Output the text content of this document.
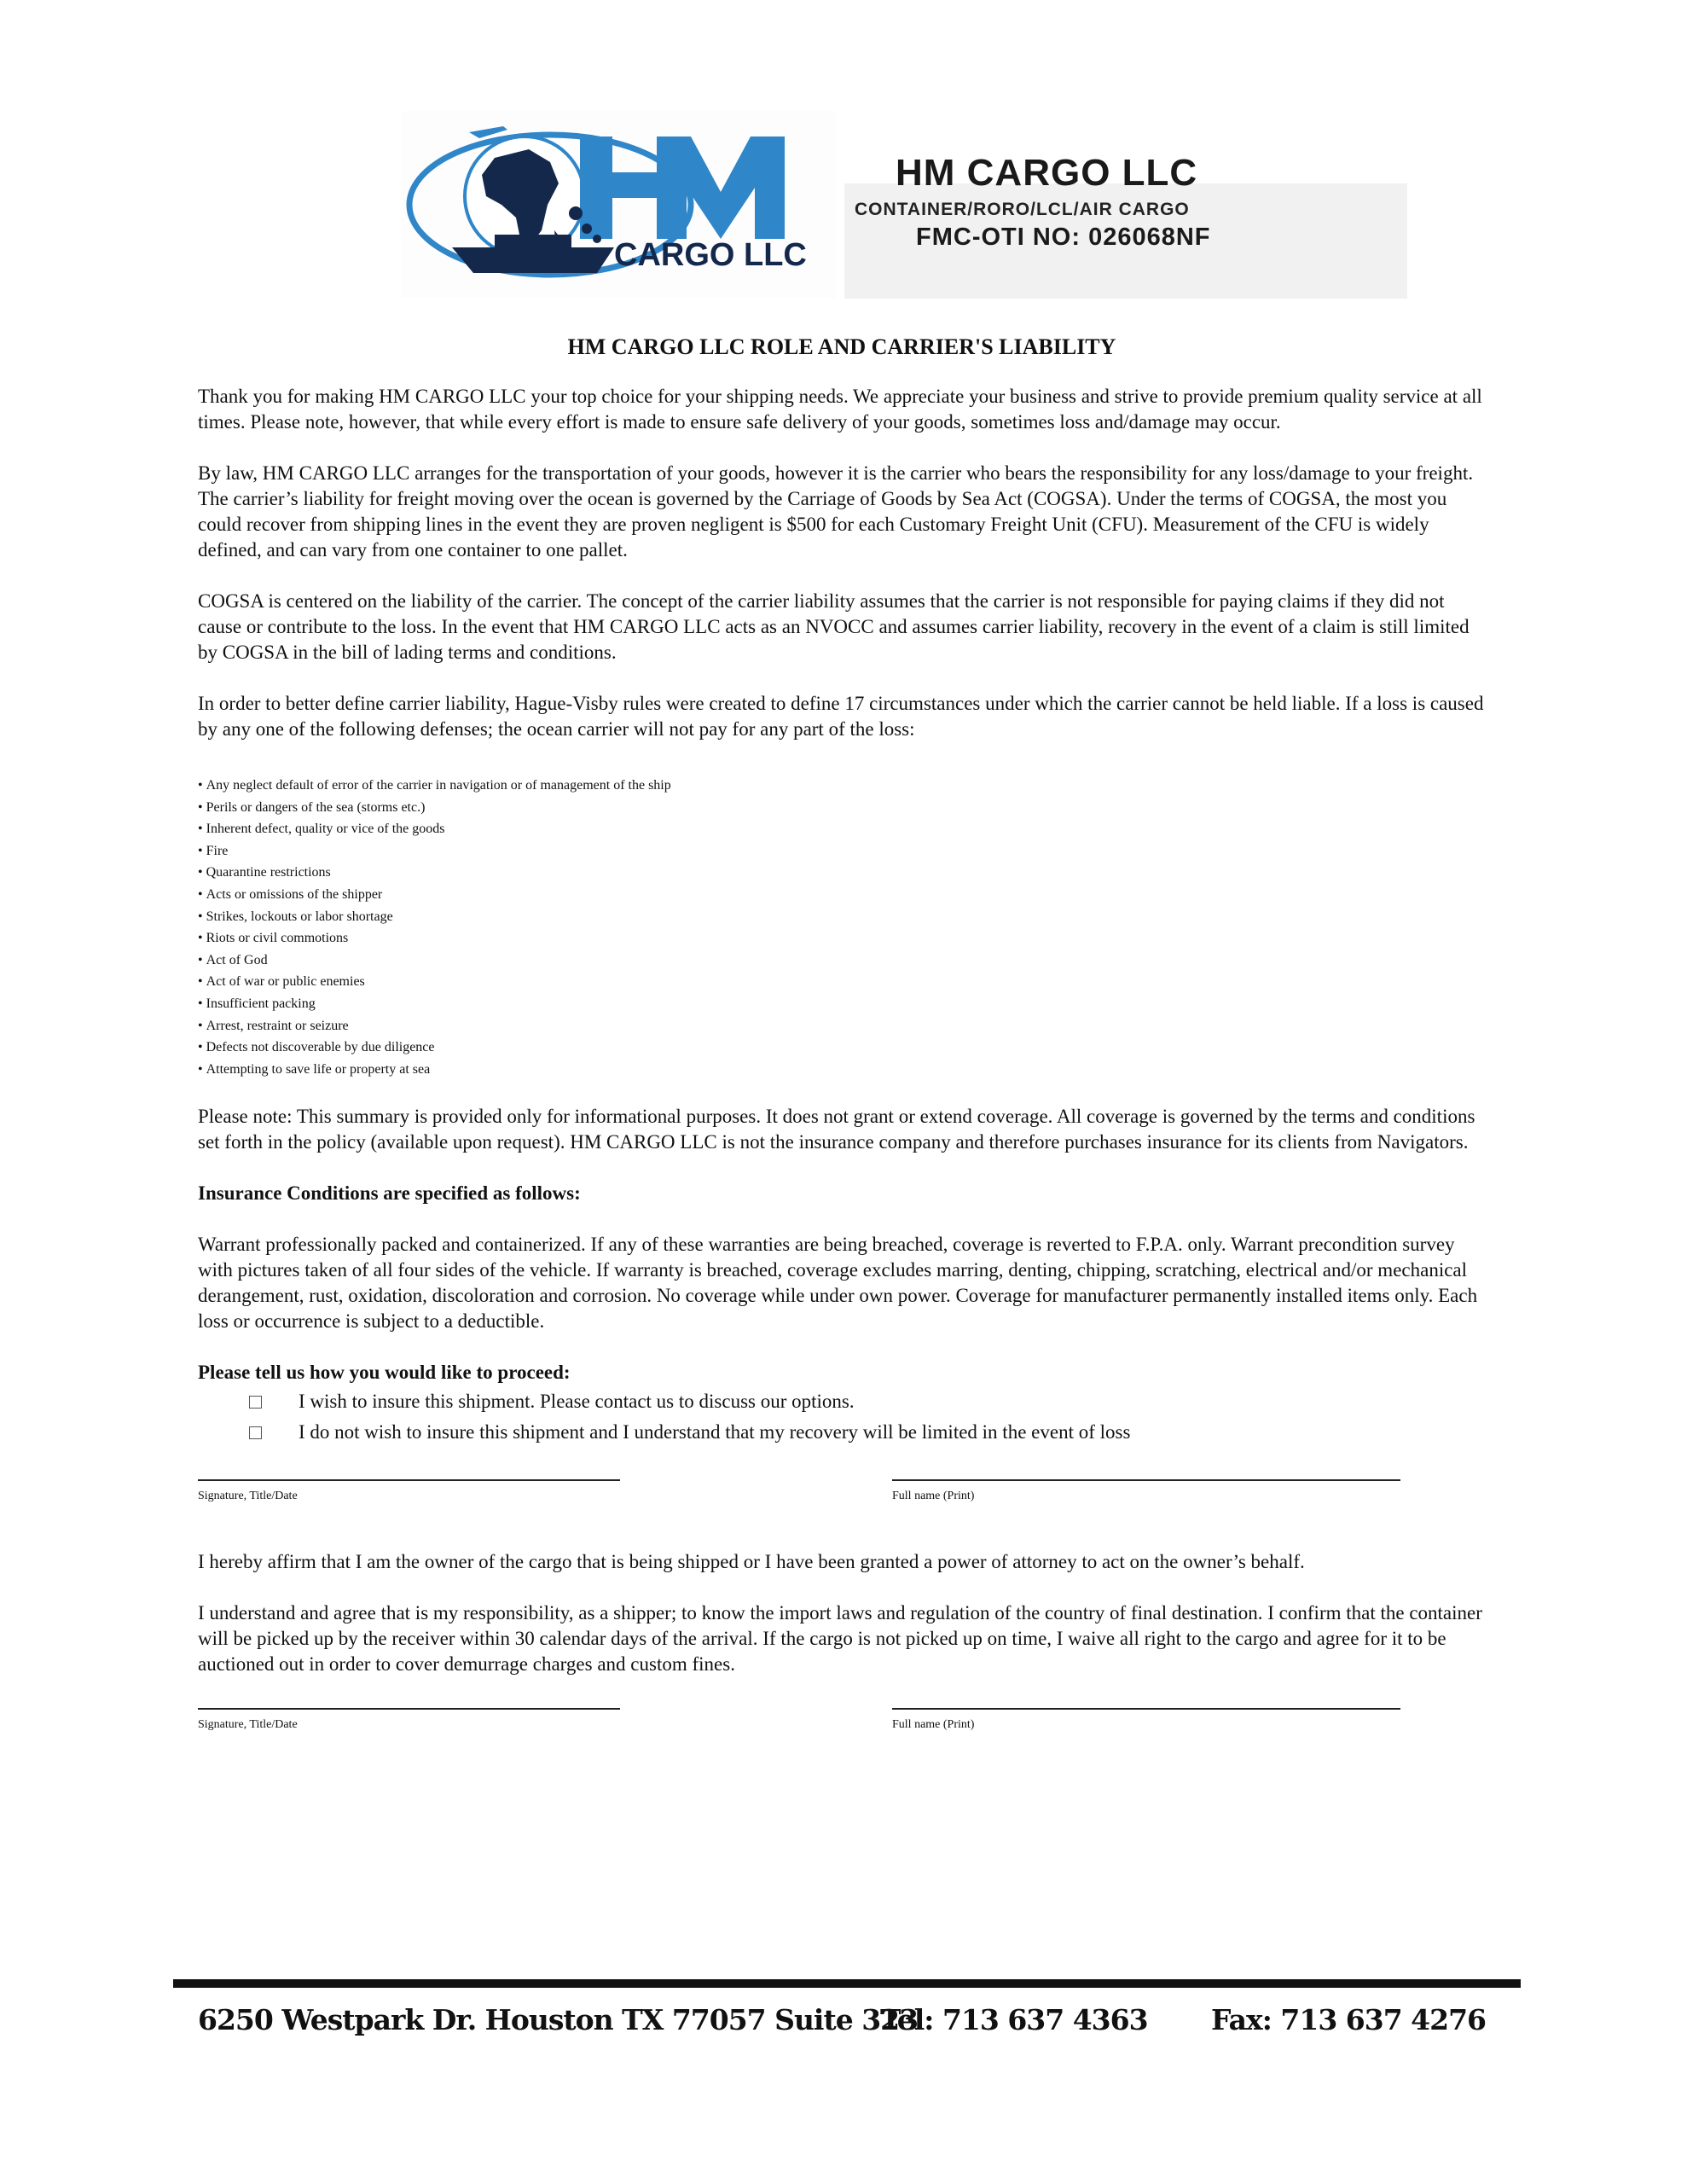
CARGO LLC
HM CARGO LLC
CONTAINER/RORO/LCL/AIR CARGO
FMC-OTI NO: 026068NF
HM CARGO LLC ROLE AND CARRIER'S LIABILITY

Thank you for making HM CARGO LLC your top choice for your shipping needs. We appreciate your business and strive to provide premium quality service at all times. Please note, however, that while every effort is made to ensure safe delivery of your goods, sometimes loss and/damage may occur.

By law, HM CARGO LLC arranges for the transportation of your goods, however it is the carrier who bears the responsibility for any loss/damage to your freight. The carrier’s liability for freight moving over the ocean is governed by the Carriage of Goods by Sea Act (COGSA). Under the terms of COGSA, the most you could recover from shipping lines in the event they are proven negligent is $500 for each Customary Freight Unit (CFU). Measurement of the CFU is widely defined, and can vary from one container to one pallet.

COGSA is centered on the liability of the carrier. The concept of the carrier liability assumes that the carrier is not responsible for paying claims if they did not cause or contribute to the loss. In the event that HM CARGO LLC acts as an NVOCC and assumes carrier liability, recovery in the event of a claim is still limited by COGSA in the bill of lading terms and conditions.

In order to better define carrier liability, Hague-Visby rules were created to define 17 circumstances under which the carrier cannot be held liable. If a loss is caused by any one of the following defenses; the ocean carrier will not pay for any part of the loss:

• Any neglect default of error of the carrier in navigation or of management of the ship
• Perils or dangers of the sea (storms etc.)
• Inherent defect, quality or vice of the goods
• Fire
• Quarantine restrictions
• Acts or omissions of the shipper
• Strikes, lockouts or labor shortage
• Riots or civil commotions
• Act of God
• Act of war or public enemies
• Insufficient packing
• Arrest, restraint or seizure
• Defects not discoverable by due diligence
• Attempting to save life or property at sea

Please note: This summary is provided only for informational purposes. It does not grant or extend coverage. All coverage is governed by the terms and conditions set forth in the policy (available upon request). HM CARGO LLC is not the insurance company and therefore purchases insurance for its clients from Navigators.

Insurance Conditions are specified as follows:

Warrant professionally packed and containerized. If any of these warranties are being breached, coverage is reverted to F.P.A. only. Warrant precondition survey with pictures taken of all four sides of the vehicle. If warranty is breached, coverage excludes marring, denting, chipping, scratching, electrical and/or mechanical derangement, rust, oxidation, discoloration and corrosion. No coverage while under own power. Coverage for manufacturer permanently installed items only. Each loss or occurrence is subject to a deductible.

Please tell us how you would like to proceed:

I wish to insure this shipment. Please contact us to discuss our options.
I do not wish to insure this shipment and I understand that my recovery will be limited in the event of loss
Signature, Title/Date	Full name (Print)

I hereby affirm that I am the owner of the cargo that is being shipped or I have been granted a power of attorney to act on the owner’s behalf.

I understand and agree that is my responsibility, as a shipper; to know the import laws and regulation of the country of final destination. I confirm that the container will be picked up by the receiver within 30 calendar days of the arrival. If the cargo is not picked up on time, I waive all right to the cargo and agree for it to be auctioned out in order to cover demurrage charges and custom fines.

Signature, Title/Date	Full name (Print)
6250 Westpark Dr. Houston TX 77057 Suite 323
Tel: 713 637 4363 Fax: 713 637 4276
